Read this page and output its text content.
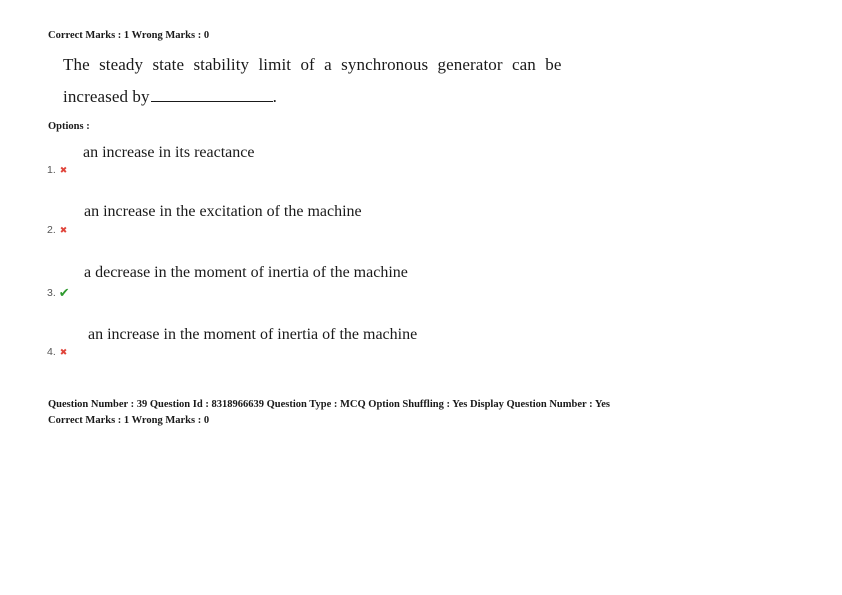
Correct Marks : 1 Wrong Marks : 0
The steady state stability limit of a synchronous generator can be
increased by	.
Options :
an increase in its reactance
1. ✖
an increase in the excitation of the machine
2. ✖
a decrease in the moment of inertia of the machine
3. ✔
an increase in the moment of inertia of the machine
4. ✖
Question Number : 39 Question Id : 8318966639 Question Type : MCQ Option Shuffling : Yes Display Question Number : Yes
Correct Marks : 1 Wrong Marks : 0
